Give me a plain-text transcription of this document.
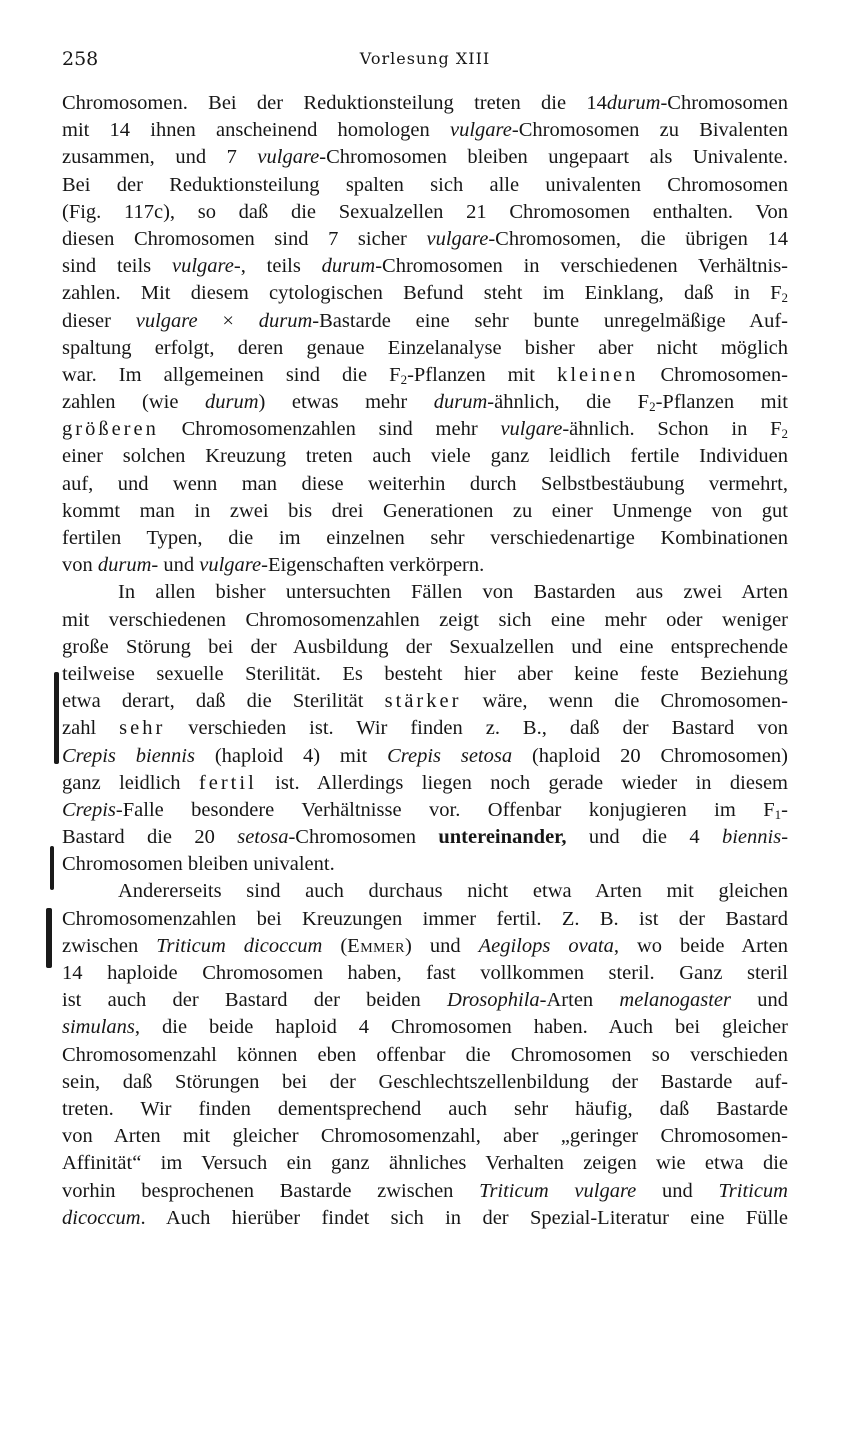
258	Vorlesung XIII
Chromosomen. Bei der Reduktionsteilung treten die 14durum-Chromosomen
mit 14 ihnen anscheinend homologen vulgare-Chromosomen zu Bivalenten
zusammen, und 7 vulgare-Chromosomen bleiben ungepaart als Univalente.
Bei der Reduktionsteilung spalten sich alle univalenten Chromosomen
(Fig. 117c), so daß die Sexualzellen 21 Chromosomen enthalten. Von
diesen Chromosomen sind 7 sicher vulgare-Chromosomen, die übrigen 14
sind teils vulgare-, teils durum-Chromosomen in verschiedenen Verhältnis-
zahlen. Mit diesem cytologischen Befund steht im Einklang, daß in F2
dieser vulgare × durum-Bastarde eine sehr bunte unregelmäßige Auf-
spaltung erfolgt, deren genaue Einzelanalyse bisher aber nicht möglich
war. Im allgemeinen sind die F2-Pflanzen mit kleinen Chromosomen-
zahlen (wie durum) etwas mehr durum-ähnlich, die F2-Pflanzen mit
größeren Chromosomenzahlen sind mehr vulgare-ähnlich. Schon in F2
einer solchen Kreuzung treten auch viele ganz leidlich fertile Individuen
auf, und wenn man diese weiterhin durch Selbstbestäubung vermehrt,
kommt man in zwei bis drei Generationen zu einer Unmenge von gut
fertilen Typen, die im einzelnen sehr verschiedenartige Kombinationen
von durum- und vulgare-Eigenschaften verkörpern.
In allen bisher untersuchten Fällen von Bastarden aus zwei Arten
mit verschiedenen Chromosomenzahlen zeigt sich eine mehr oder weniger
große Störung bei der Ausbildung der Sexualzellen und eine entsprechende
teilweise sexuelle Sterilität. Es besteht hier aber keine feste Beziehung
etwa derart, daß die Sterilität stärker wäre, wenn die Chromosomen-
zahl sehr verschieden ist. Wir finden z. B., daß der Bastard von
Crepis biennis (haploid 4) mit Crepis setosa (haploid 20 Chromosomen)
ganz leidlich fertil ist. Allerdings liegen noch gerade wieder in diesem
Crepis-Falle besondere Verhältnisse vor. Offenbar konjugieren im F1-
Bastard die 20 setosa-Chromosomen untereinander, und die 4 biennis-
Chromosomen bleiben univalent.
Andererseits sind auch durchaus nicht etwa Arten mit gleichen
Chromosomenzahlen bei Kreuzungen immer fertil. Z. B. ist der Bastard
zwischen Triticum dicoccum (Emmer) und Aegilops ovata, wo beide Arten
14 haploide Chromosomen haben, fast vollkommen steril. Ganz steril
ist auch der Bastard der beiden Drosophila-Arten melanogaster und
simulans, die beide haploid 4 Chromosomen haben. Auch bei gleicher
Chromosomenzahl können eben offenbar die Chromosomen so verschieden
sein, daß Störungen bei der Geschlechtszellenbildung der Bastarde auf-
treten. Wir finden dementsprechend auch sehr häufig, daß Bastarde
von Arten mit gleicher Chromosomenzahl, aber „geringer Chromosomen-
Affinität“ im Versuch ein ganz ähnliches Verhalten zeigen wie etwa die
vorhin besprochenen Bastarde zwischen Triticum vulgare und Triticum
dicoccum. Auch hierüber findet sich in der Spezial-Literatur eine Fülle
